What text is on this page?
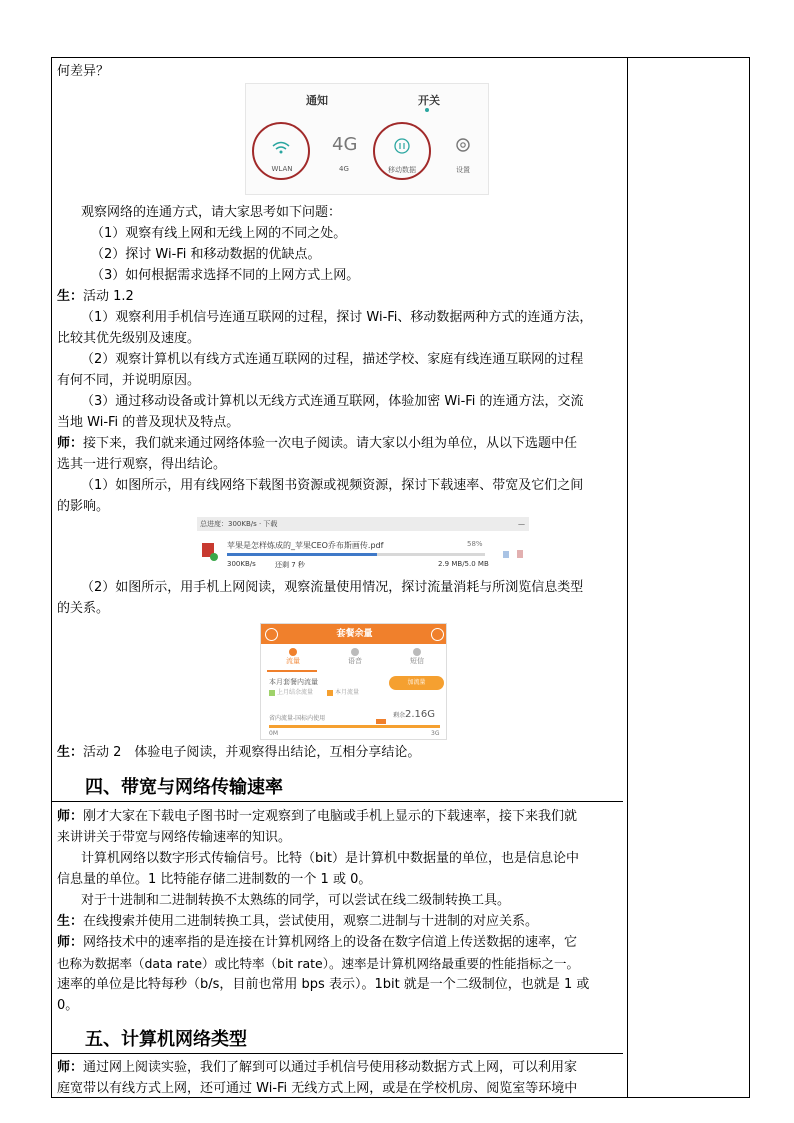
何差异？
观察网络的连通方式，请大家思考如下问题：
（1）观察有线上网和无线上网的不同之处。
（2）探讨 Wi-Fi 和移动数据的优缺点。
（3）如何根据需求选择不同的上网方式上网。
生：活动 1.2
（1）观察利用手机信号连通互联网的过程，探讨 Wi-Fi、移动数据两种方式的连通方法，
比较其优先级别及速度。
（2）观察计算机以有线方式连通互联网的过程，描述学校、家庭有线连通互联网的过程
有何不同，并说明原因。
（3）通过移动设备或计算机以无线方式连通互联网，体验加密 Wi-Fi 的连通方法，交流
当地 Wi-Fi 的普及现状及特点。
师：接下来，我们就来通过网络体验一次电子阅读。请大家以小组为单位，从以下选题中任
选其一进行观察，得出结论。
（1）如图所示，用有线网络下载图书资源或视频资源，探讨下载速率、带宽及它们之间
的影响。
（2）如图所示，用手机上网阅读，观察流量使用情况，探讨流量消耗与所浏览信息类型
的关系。
生：活动 2　体验电子阅读，并观察得出结论，互相分享结论。
四、带宽与网络传输速率
师：刚才大家在下载电子图书时一定观察到了电脑或手机上显示的下载速率，接下来我们就
来讲讲关于带宽与网络传输速率的知识。
计算机网络以数字形式传输信号。比特（bit）是计算机中数据量的单位，也是信息论中
信息量的单位。1 比特能存储二进制数的一个 1 或 0。
对于十进制和二进制转换不太熟练的同学，可以尝试在线二级制转换工具。
生：在线搜索并使用二进制转换工具，尝试使用，观察二进制与十进制的对应关系。
师：网络技术中的速率指的是连接在计算机网络上的设备在数字信道上传送数据的速率，它
也称为数据率（data rate）或比特率（bit rate）。速率是计算机网络最重要的性能指标之一。
速率的单位是比特每秒（b/s，目前也常用 bps 表示）。1bit 就是一个二级制位，也就是 1 或
0。
五、计算机网络类型
师：通过网上阅读实验，我们了解到可以通过手机信号使用移动数据方式上网，可以利用家
庭宽带以有线方式上网，还可通过 Wi-Fi 无线方式上网，或是在学校机房、阅览室等环境中
通知	开关
WLAN
4G
4G	移动数据	设置
总进度：300KB/s · 下载	—
苹果是怎样炼成的_苹果CEO乔布斯画传.pdf	58%
300KB/s	还剩 7 秒	2.9 MB/5.0 MB
套餐余量
流量	语音	短信
本月套餐内流量
上月结余流量	本月流量
加流量
省内流量-国标内使用	剩余2.16G
0M	3G
